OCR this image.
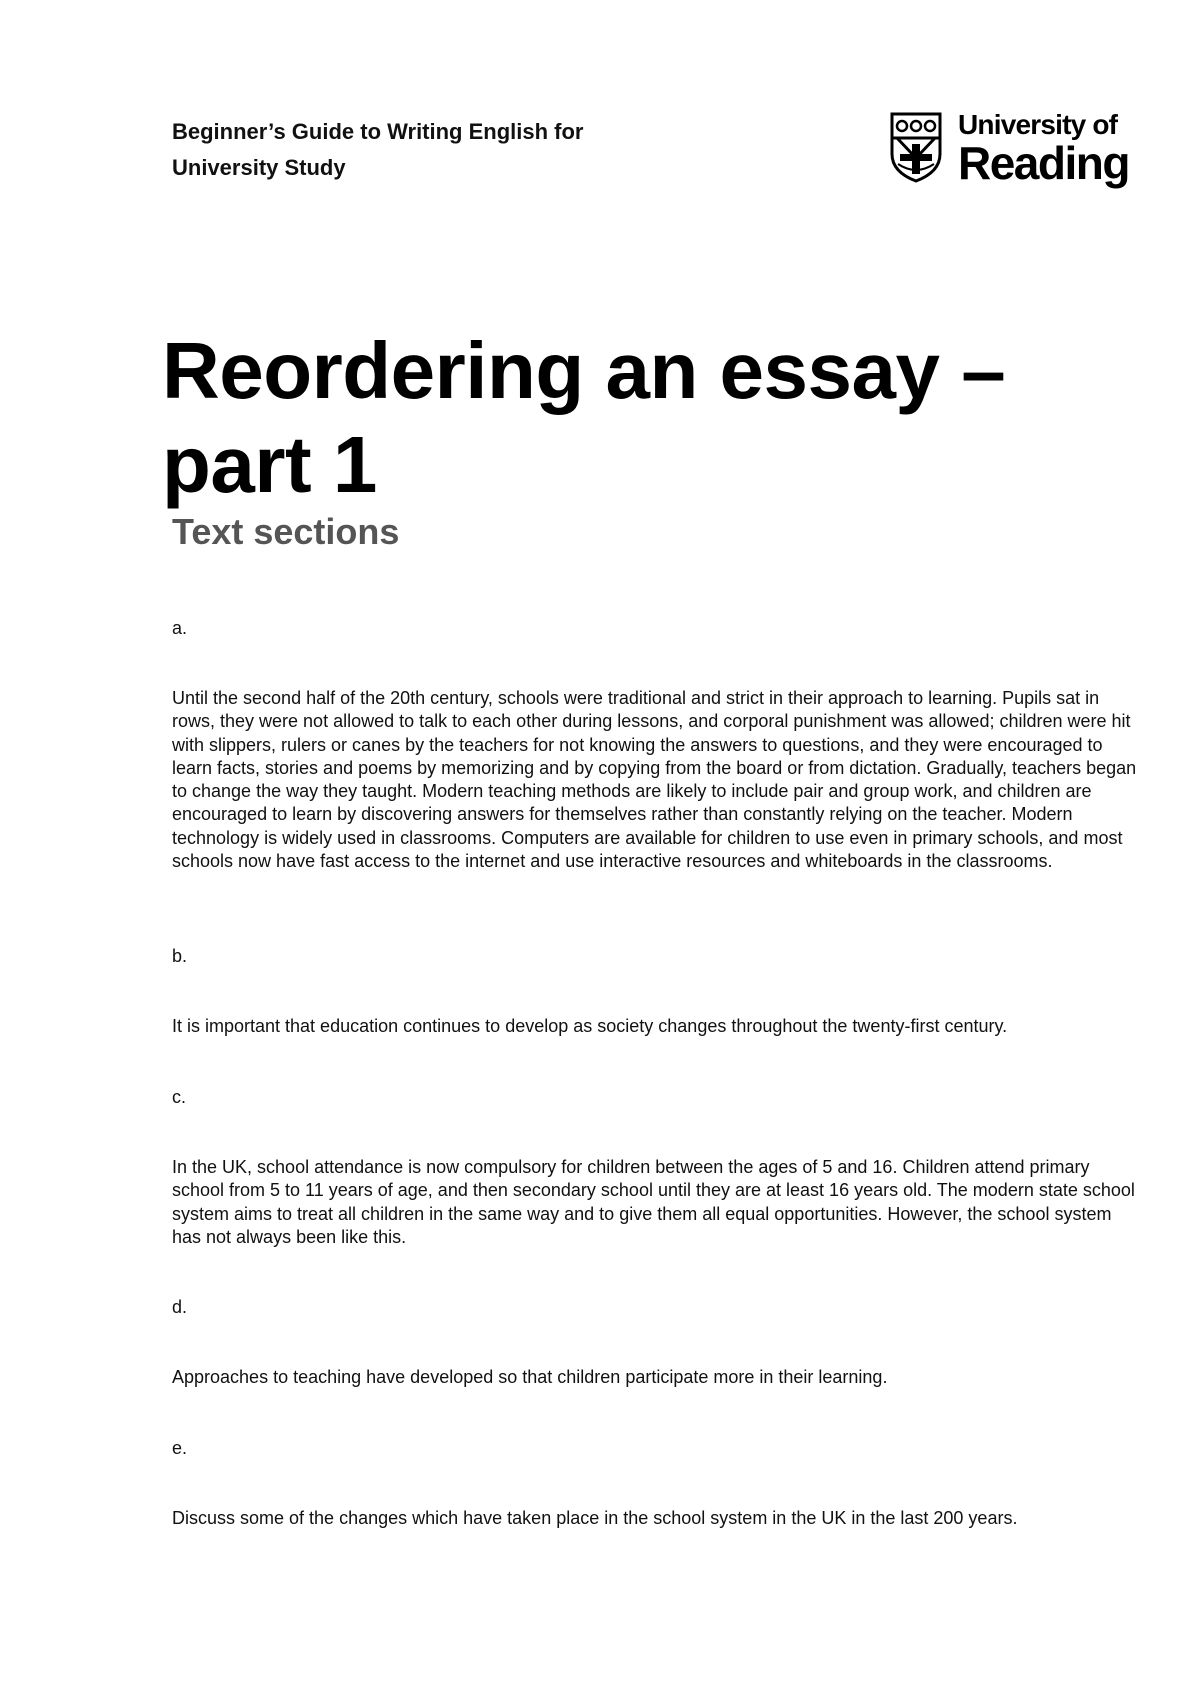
Beginner’s Guide to Writing English for
University Study
University of
Reading
Reordering an essay – part 1
Text sections
a.

Until the second half of the 20th century, schools were traditional and strict in their approach to learning. Pupils sat in rows, they were not allowed to talk to each other during lessons, and corporal punishment was allowed; children were hit with slippers, rulers or canes by the teachers for not knowing the answers to questions, and they were encouraged to learn facts, stories and poems by memorizing and by copying from the board or from dictation. Gradually, teachers began to change the way they taught. Modern teaching methods are likely to include pair and group work, and children are encouraged to learn by discovering answers for themselves rather than constantly relying on the teacher. Modern technology is widely used in classrooms. Computers are available for children to use even in primary schools, and most schools now have fast access to the internet and use interactive resources and whiteboards in the classrooms.

b.

It is important that education continues to develop as society changes throughout the twenty-first century.

c.

In the UK, school attendance is now compulsory for children between the ages of 5 and 16. Children attend primary school from 5 to 11 years of age, and then secondary school until they are at least 16 years old. The modern state school system aims to treat all children in the same way and to give them all equal opportunities. However, the school system has not always been like this.

d.

Approaches to teaching have developed so that children participate more in their learning.

e.

Discuss some of the changes which have taken place in the school system in the UK in the last 200 years.
